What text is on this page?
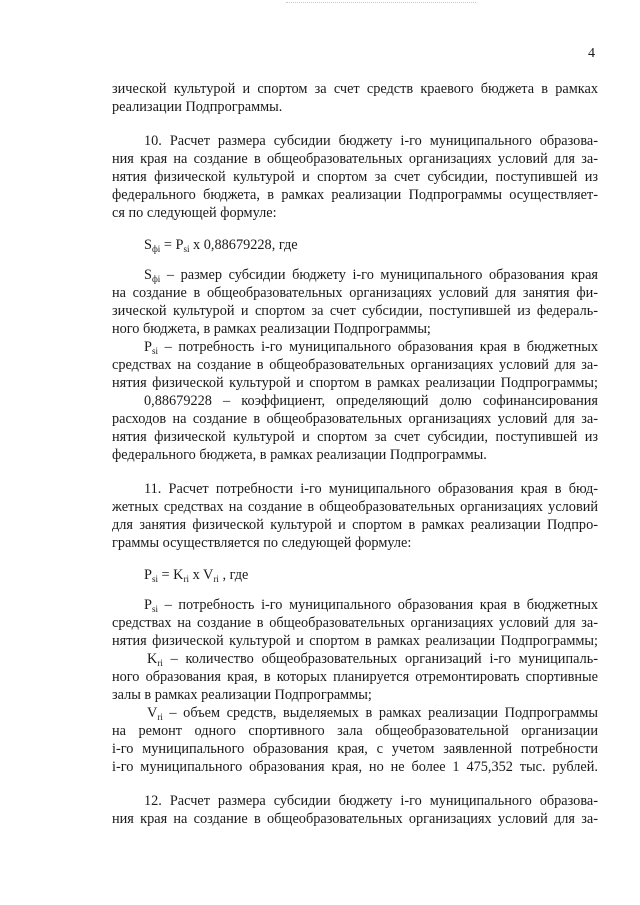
4
зической культурой и спортом за счет средств краевого бюджета в рамках
реализации Подпрограммы.
10. Расчет размера субсидии бюджету i-го муниципального образова-
ния края на создание в общеобразовательных организациях условий для за-
нятия физической культурой и спортом за счет субсидии, поступившей из
федерального бюджета, в рамках реализации Подпрограммы осуществляет-
ся по следующей формуле:
$S_{фi} = P_{si}$ x 0,88679228, где
$S_{фi}$ – размер субсидии бюджету i-го муниципального образования края
на создание в общеобразовательных организациях условий для занятия фи-
зической культурой и спортом за счет субсидии, поступившей из федераль-
ного бюджета, в рамках реализации Подпрограммы;
$P_{si}$ – потребность i-го муниципального образования края в бюджетных
средствах на создание в общеобразовательных организациях условий для за-
нятия физической культурой и спортом в рамках реализации Подпрограммы;
0,88679228 – коэффициент, определяющий долю софинансирования
расходов на создание в общеобразовательных организациях условий для за-
нятия физической культурой и спортом за счет субсидии, поступившей из
федерального бюджета, в рамках реализации Подпрограммы.
11. Расчет потребности i-го муниципального образования края в бюд-
жетных средствах на создание в общеобразовательных организациях условий
для занятия физической культурой и спортом в рамках реализации Подпро-
граммы осуществляется по следующей формуле:
$P_{si} = K_{ri}$ x $V_{ri}$ , где
$P_{si}$ – потребность i-го муниципального образования края в бюджетных
средствах на создание в общеобразовательных организациях условий для за-
нятия физической культурой и спортом в рамках реализации Подпрограммы;
$K_{ri}$ – количество общеобразовательных организаций i-го муниципаль-
ного образования края, в которых планируется отремонтировать спортивные
залы в рамках реализации Подпрограммы;
$V_{ri}$ – объем средств, выделяемых в рамках реализации Подпрограммы
на ремонт одного спортивного зала общеобразовательной организации
i-го муниципального образования края, с учетом заявленной потребности
i-го муниципального образования края, но не более 1 475,352 тыс. рублей.
12. Расчет размера субсидии бюджету i-го муниципального образова-
ния края на создание в общеобразовательных организациях условий для за-
